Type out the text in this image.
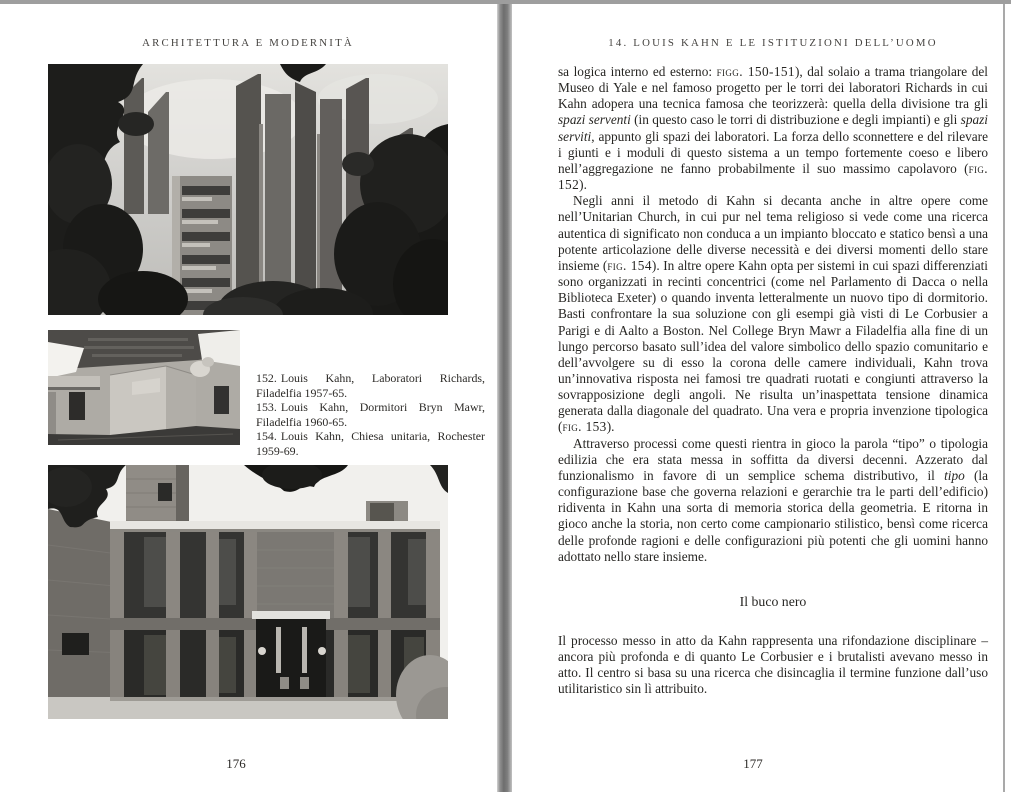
ARCHITETTURA E MODERNITÀ
152. Louis Kahn, Laboratori Richards, Filadelfia 1957-65.
153. Louis Kahn, Dormitori Bryn Mawr, Filadelfia 1960-65.
154. Louis Kahn, Chiesa unitaria, Rochester 1959-69.
176
14. LOUIS KAHN E LE ISTITUZIONI DELL’UOMO

sa logica interno ed esterno: figg. 150-151), dal solaio a trama triangolare del Museo di Yale e nel famoso progetto per le torri dei laboratori Richards in cui Kahn adopera una tecnica famosa che teorizzerà: quella della divisione tra gli spazi serventi (in questo caso le torri di distribuzione e degli impianti) e gli spazi serviti, appunto gli spazi dei laboratori. La forza dello sconnettere e del rilevare i giunti e i moduli di questo sistema a un tempo fortemente coeso e libero nell’aggregazione ne fanno probabilmente il suo massimo capolavoro (fig. 152).

Negli anni il metodo di Kahn si decanta anche in altre opere come nell’Unitarian Church, in cui pur nel tema religioso si vede come una ricerca autentica di significato non conduca a un impianto bloccato e statico bensì a una potente articolazione delle diverse necessità e dei diversi momenti dello stare insieme (fig. 154). In altre opere Kahn opta per sistemi in cui spazi differenziati sono organizzati in recinti concentrici (come nel Parlamento di Dacca o nella Biblioteca Exeter) o quando inventa letteralmente un nuovo tipo di dormitorio. Basti confrontare la sua soluzione con gli esempi già visti di Le Corbusier a Parigi e di Aalto a Boston. Nel College Bryn Mawr a Filadelfia alla fine di un lungo percorso basato sull’idea del valore simbolico dello spazio comunitario e dell’avvolgere su di esso la corona delle camere individuali, Kahn trova un’innovativa risposta nei famosi tre quadrati ruotati e congiunti attraverso la sovrapposizione degli angoli. Ne risulta un’inaspettata tensione dinamica generata dalla diagonale del quadrato. Una vera e propria invenzione tipologica (fig. 153).

Attraverso processi come questi rientra in gioco la parola “tipo” o tipologia edilizia che era stata messa in soffitta da diversi decenni. Azzerato dal funzionalismo in favore di un semplice schema distributivo, il tipo (la configurazione base che governa relazioni e gerarchie tra le parti dell’edificio) ridiventa in Kahn una sorta di memoria storica della geometria. E ritorna in gioco anche la storia, non certo come campionario stilistico, bensì come ricerca delle profonde ragioni e delle configurazioni più potenti che gli uomini hanno adottato nello stare insieme.

Il buco nero

Il processo messo in atto da Kahn rappresenta una rifondazione disciplinare – ancora più profonda e di quanto Le Corbusier e i brutalisti avevano messo in atto. Il centro si basa su una ricerca che disincaglia il termine funzione dall’uso utilitaristico sin lì attribuito.

177
